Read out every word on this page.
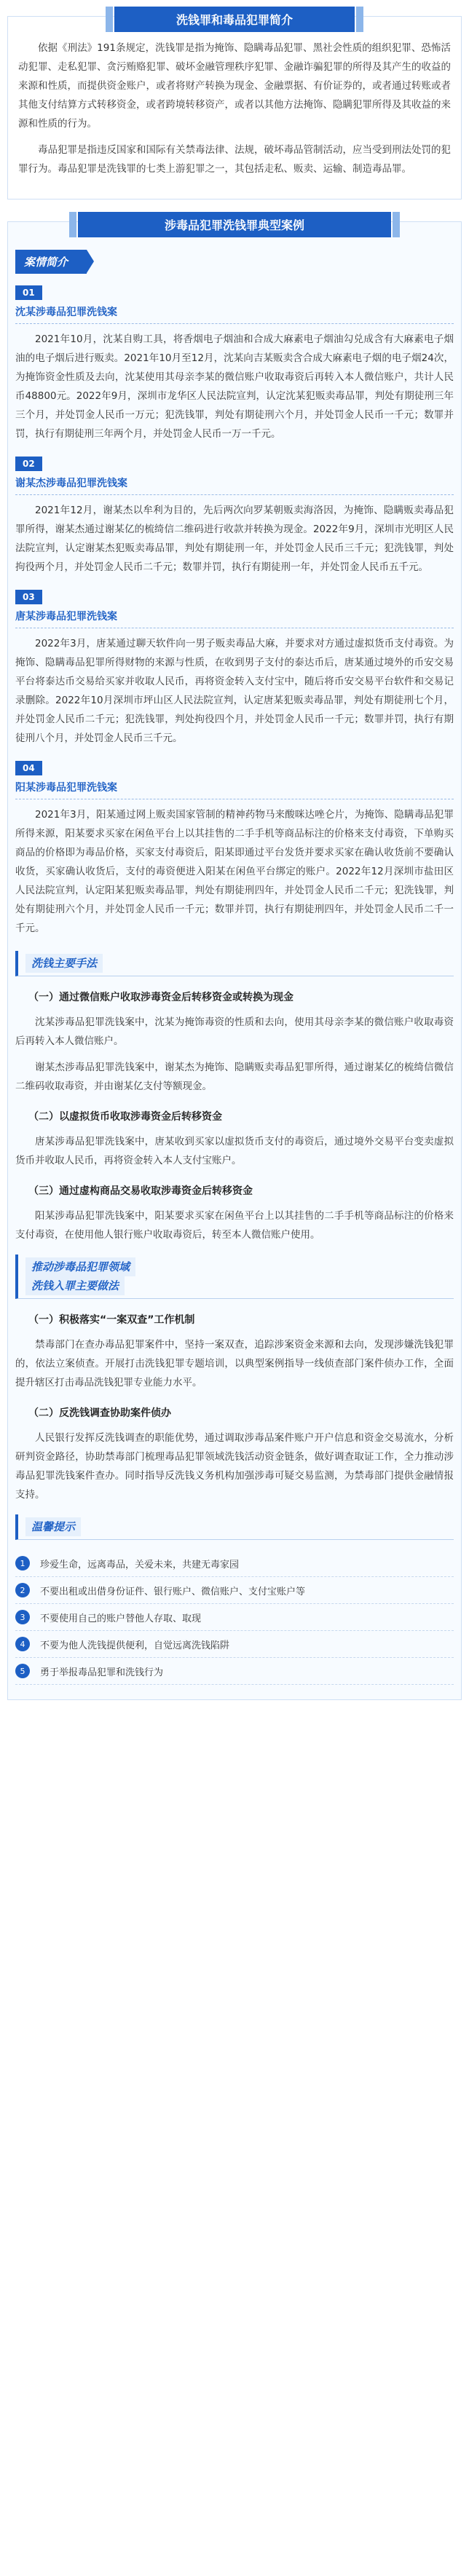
洗钱罪和毒品犯罪简介

依据《刑法》191条规定，洗钱罪是指为掩饰、隐瞒毒品犯罪、黑社会性质的组织犯罪、恐怖活动犯罪、走私犯罪、贪污贿赂犯罪、破坏金融管理秩序犯罪、金融诈骗犯罪的所得及其产生的收益的来源和性质，而提供资金账户，或者将财产转换为现金、金融票据、有价证券的，或者通过转账或者其他支付结算方式转移资金，或者跨境转移资产，或者以其他方法掩饰、隐瞒犯罪所得及其收益的来源和性质的行为。

毒品犯罪是指违反国家和国际有关禁毒法律、法规，破坏毒品管制活动，应当受到刑法处罚的犯罪行为。毒品犯罪是洗钱罪的七类上游犯罪之一，其包括走私、贩卖、运输、制造毒品罪。

涉毒品犯罪洗钱罪典型案例
案情简介
01
沈某涉毒品犯罪洗钱案

2021年10月，沈某自购工具，将香烟电子烟油和合成大麻素电子烟油勾兑成含有大麻素电子烟油的电子烟后进行贩卖。2021年10月至12月，沈某向吉某贩卖含合成大麻素电子烟的电子烟24次，为掩饰资金性质及去向，沈某使用其母亲李某的微信账户收取毒资后再转入本人微信账户，共计人民币48800元。2022年9月，深圳市龙华区人民法院宣判，认定沈某犯贩卖毒品罪，判处有期徒刑三年三个月，并处罚金人民币一万元；犯洗钱罪，判处有期徒刑六个月，并处罚金人民币一千元；数罪并罚，执行有期徒刑三年两个月，并处罚金人民币一万一千元。

02
谢某杰涉毒品犯罪洗钱案

2021年12月，谢某杰以牟利为目的，先后两次向罗某朝贩卖海洛因，为掩饰、隐瞒贩卖毒品犯罪所得，谢某杰通过谢某亿的梳绮信二维码进行收款并转换为现金。2022年9月，深圳市光明区人民法院宣判，认定谢某杰犯贩卖毒品罪，判处有期徒刑一年，并处罚金人民币三千元；犯洗钱罪，判处拘役两个月，并处罚金人民币二千元；数罪并罚，执行有期徒刑一年，并处罚金人民币五千元。

03
唐某涉毒品犯罪洗钱案

2022年3月，唐某通过聊天软件向一男子贩卖毒品大麻，并要求对方通过虚拟货币支付毒资。为掩饰、隐瞒毒品犯罪所得财物的来源与性质，在收到男子支付的泰达币后，唐某通过境外的币安交易平台将泰达币交易给买家并收取人民币，再将资金转入支付宝中，随后将币安交易平台软件和交易记录删除。2022年10月深圳市坪山区人民法院宣判，认定唐某犯贩卖毒品罪，判处有期徒刑七个月，并处罚金人民币二千元；犯洗钱罪，判处拘役四个月，并处罚金人民币一千元；数罪并罚，执行有期徒刑八个月，并处罚金人民币三千元。

04
阳某涉毒品犯罪洗钱案

2021年3月，阳某通过网上贩卖国家管制的精神药物马来酸咪达唑仑片，为掩饰、隐瞒毒品犯罪所得来源，阳某要求买家在闲鱼平台上以其挂售的二手手机等商品标注的价格来支付毒资，下单购买商品的价格即为毒品价格，买家支付毒资后，阳某即通过平台发货并要求买家在确认收货前不要确认收货，买家确认收货后，支付的毒资便进入阳某在闲鱼平台绑定的账户。2022年12月深圳市盐田区人民法院宣判，认定阳某犯贩卖毒品罪，判处有期徒刑四年，并处罚金人民币二千元；犯洗钱罪，判处有期徒刑六个月，并处罚金人民币一千元；数罪并罚，执行有期徒刑四年，并处罚金人民币二千一千元。

洗钱主要手法
（一）通过微信账户收取涉毒资金后转移资金或转换为现金

沈某涉毒品犯罪洗钱案中，沈某为掩饰毒资的性质和去向，使用其母亲李某的微信账户收取毒资后再转入本人微信账户。

谢某杰涉毒品犯罪洗钱案中，谢某杰为掩饰、隐瞒贩卖毒品犯罪所得，通过谢某亿的梳绮信微信二维码收取毒资，并由谢某亿支付等额现金。

（二）以虚拟货币收取涉毒资金后转移资金

唐某涉毒品犯罪洗钱案中，唐某收到买家以虚拟货币支付的毒资后，通过境外交易平台变卖虚拟货币并收取人民币，再将资金转入本人支付宝账户。

（三）通过虚构商品交易收取涉毒资金后转移资金

阳某涉毒品犯罪洗钱案中，阳某要求买家在闲鱼平台上以其挂售的二手手机等商品标注的价格来支付毒资，在使用他人银行账户收取毒资后，转至本人微信账户使用。

推动涉毒品犯罪领域
洗钱入罪主要做法
（一）积极落实“一案双查”工作机制

禁毒部门在查办毒品犯罪案件中，坚持一案双查，追踪涉案资金来源和去向，发现涉嫌洗钱犯罪的，依法立案侦查。开展打击洗钱犯罪专题培训，以典型案例指导一线侦查部门案件侦办工作，全面提升辖区打击毒品洗钱犯罪专业能力水平。

（二）反洗钱调查协助案件侦办

人民银行发挥反洗钱调查的职能优势，通过调取涉毒品案件账户开户信息和资金交易流水，分析研判资金路径，协助禁毒部门梳理毒品犯罪领域洗钱活动资金链条，做好调查取证工作，全力推动涉毒品犯罪洗钱案件查办。同时指导反洗钱义务机构加强涉毒可疑交易监测，为禁毒部门提供金融情报支持。

温馨提示
1	珍爱生命，远离毒品，关爱未来，共建无毒家园
2	不要出租或出借身份证件、银行账户、微信账户、支付宝账户等
3	不要使用自己的账户替他人存取、取现
4	不要为他人洗钱提供便利，自觉远离洗钱陷阱
5	勇于举报毒品犯罪和洗钱行为
